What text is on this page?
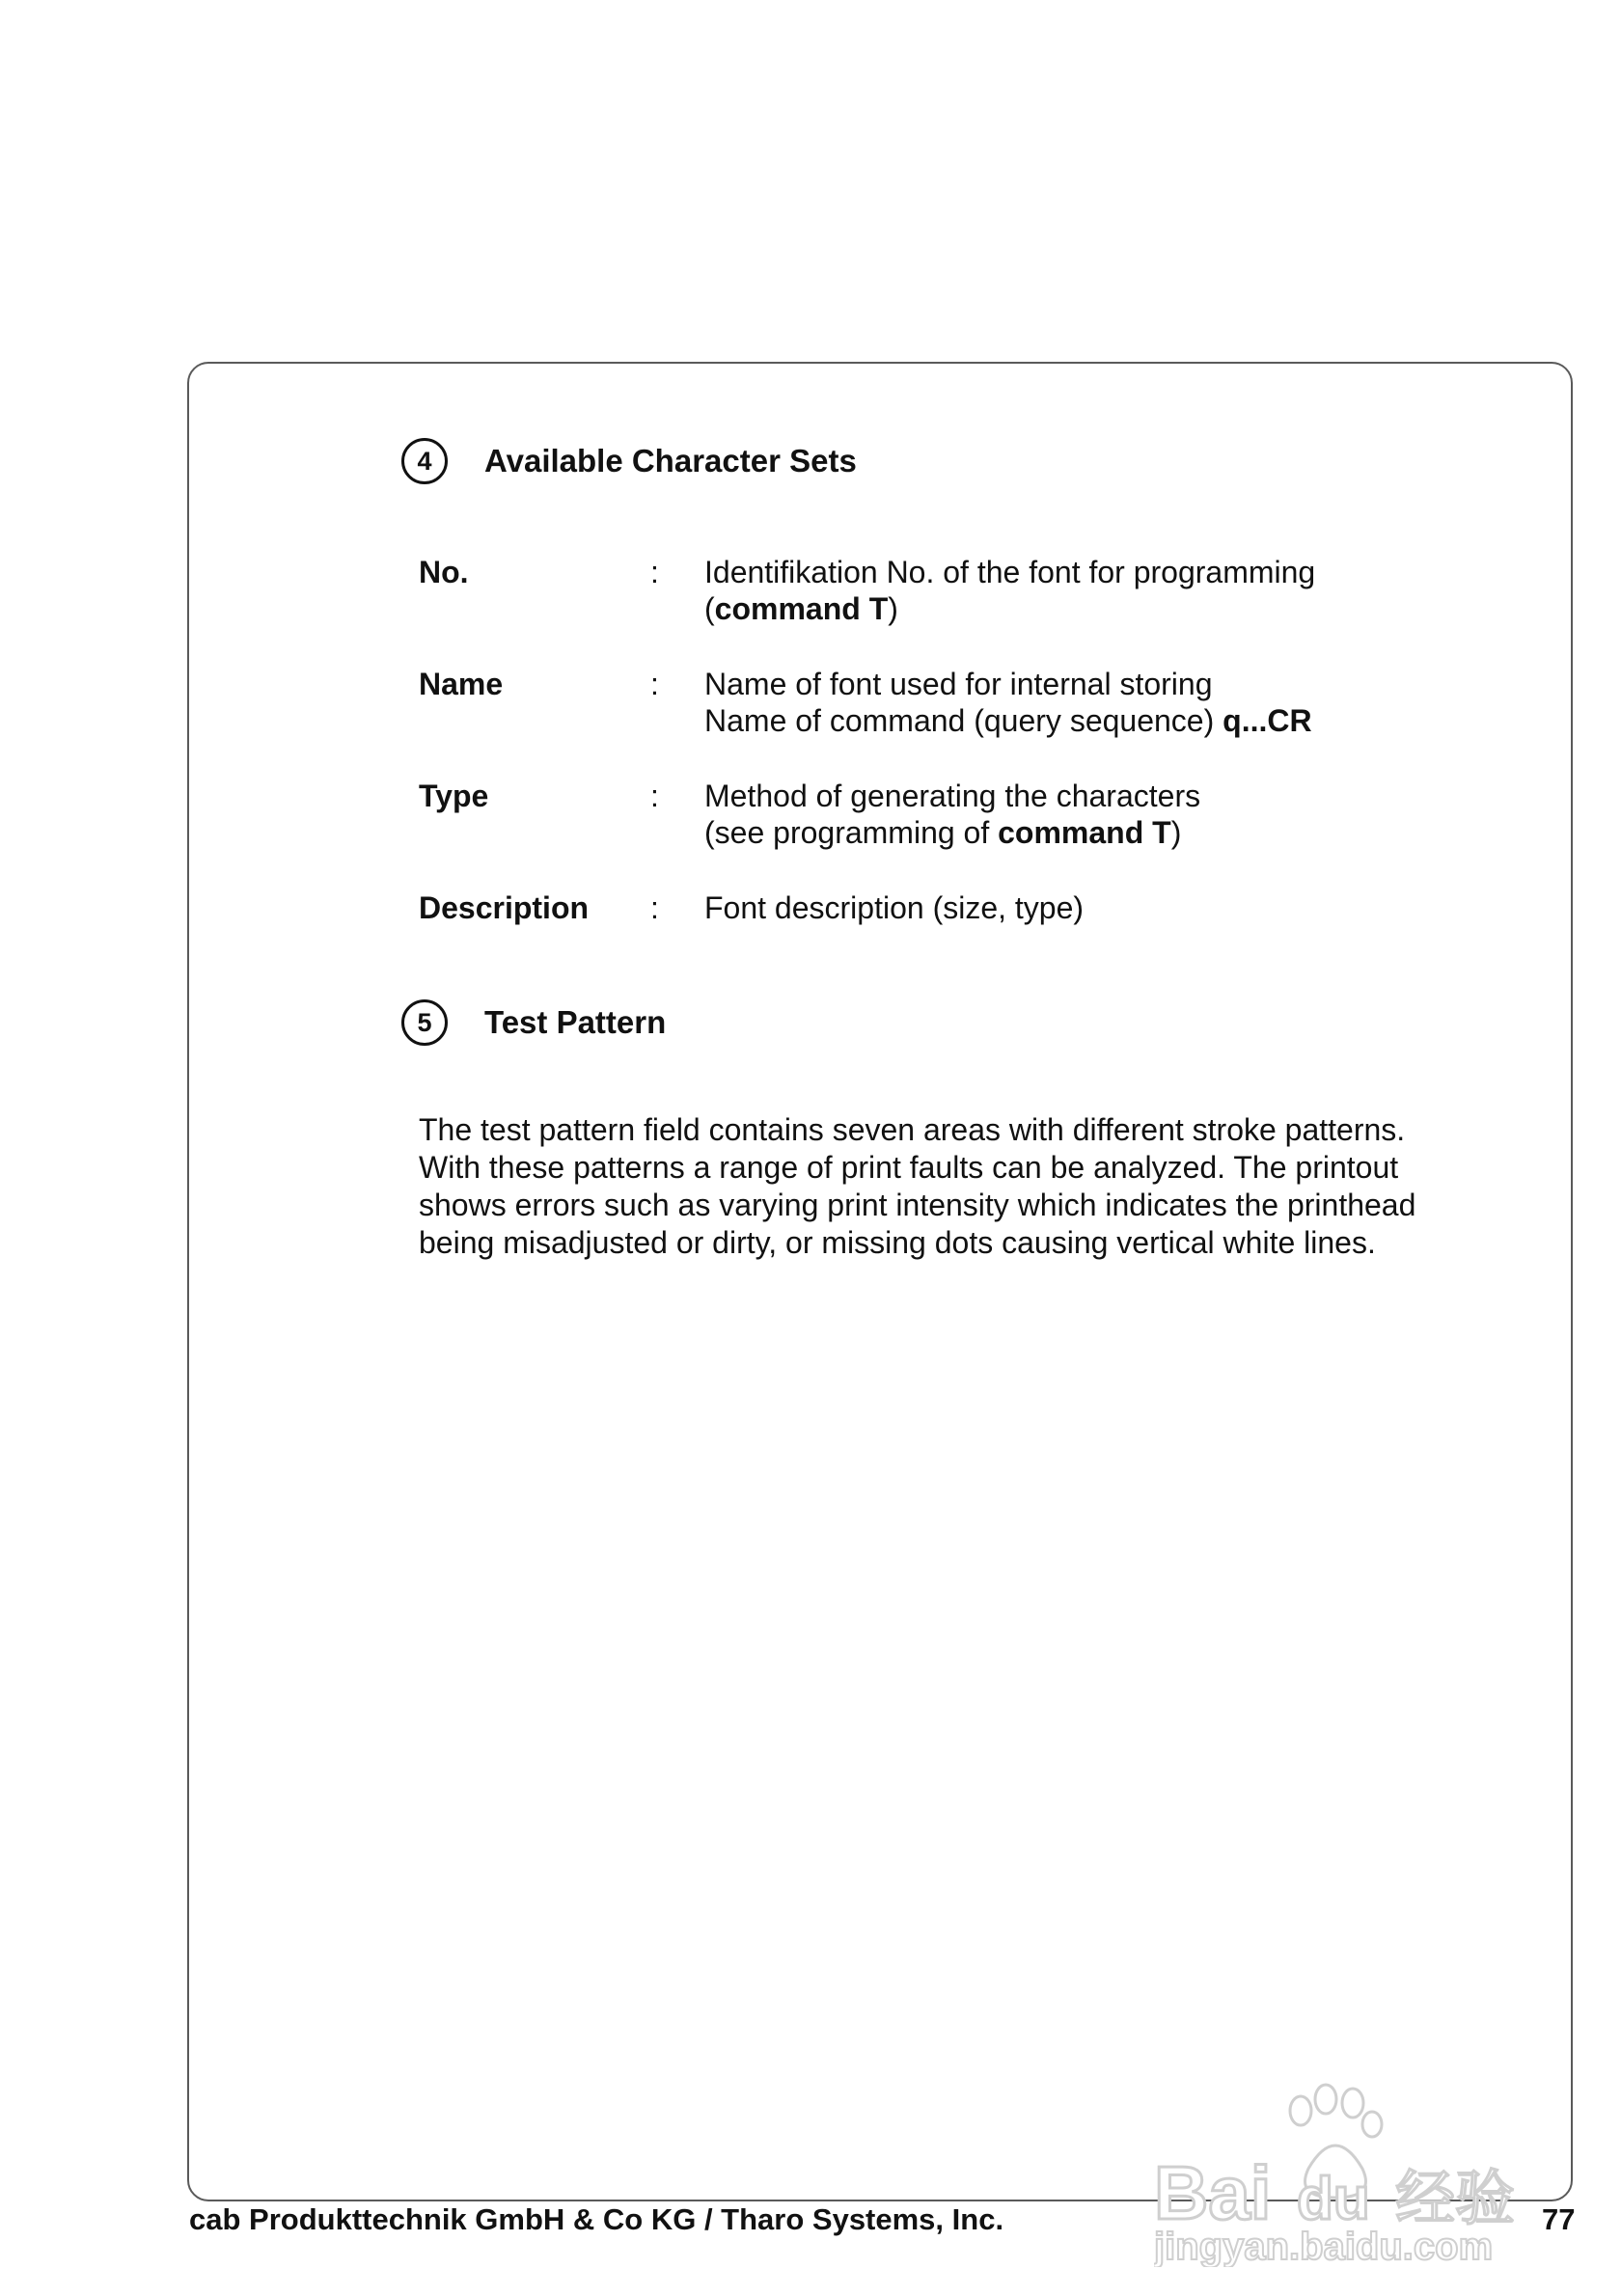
4	Available Character Sets
No.	: Identifikation No. of the font for programming
(command T)
Name	: Name of font used for internal storing
Name of command (query sequence) q...CR
Type	: Method of generating the characters
(see programming of command T)
Description : Font description (size, type)
5	Test Pattern
The test pattern field contains seven areas with different stroke patterns.
With these patterns a range of print faults can be analyzed. The printout
shows errors such as varying print intensity which indicates the printhead
being misadjusted or dirty, or missing dots causing vertical white lines.
Bai du 经验
jingyan.baidu.com
cab Produkttechnik GmbH & Co KG / Tharo Systems, Inc.	77
